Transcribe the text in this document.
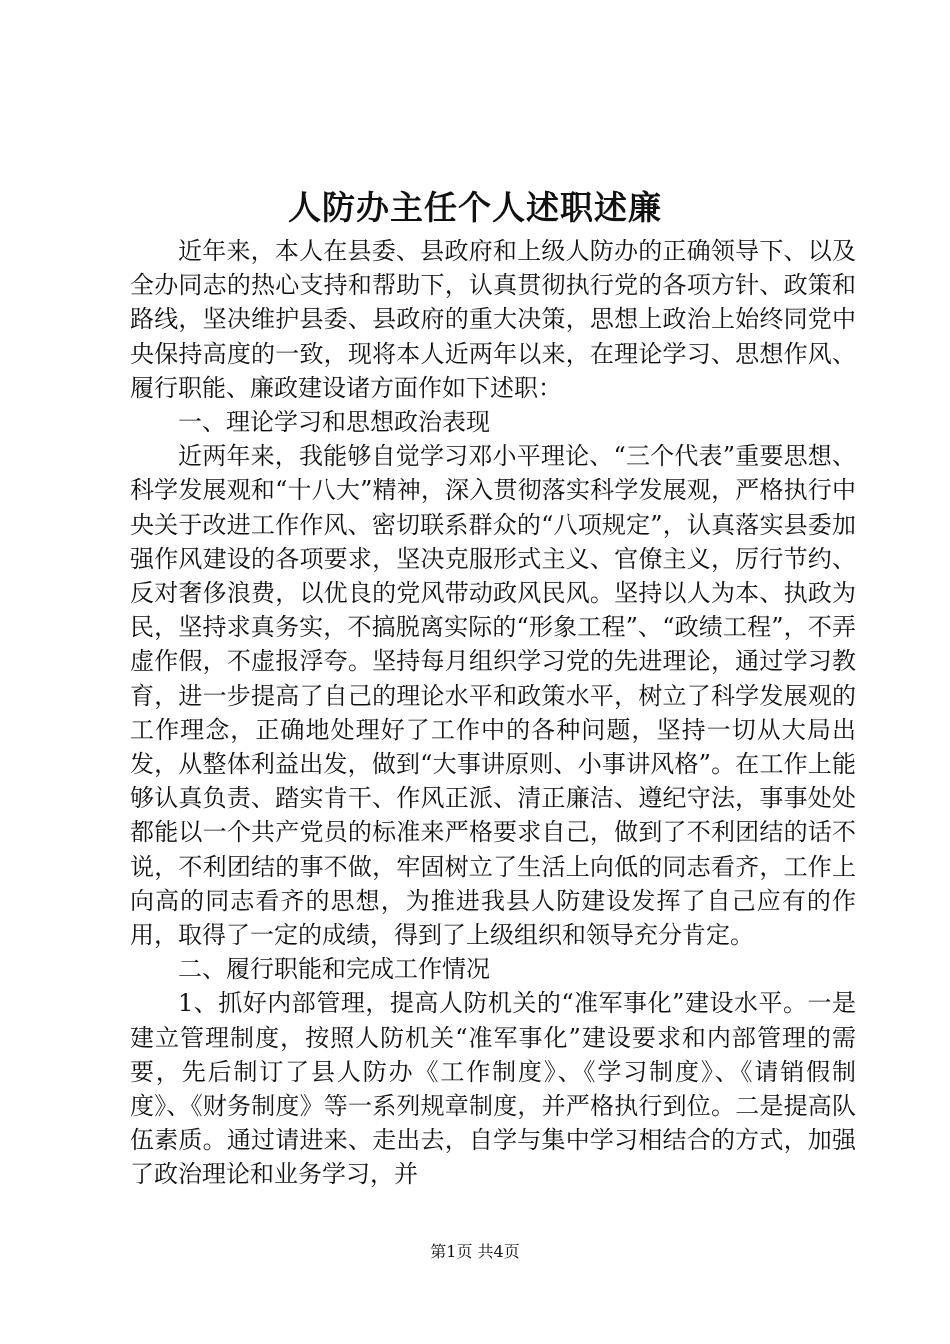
人防办主任个人述职述廉

近年来，本人在县委、县政府和上级人防办的正确领导下、以及全办同志的热心支持和帮助下，认真贯彻执行党的各项方针、政策和路线，坚决维护县委、县政府的重大决策，思想上政治上始终同党中央保持高度的一致，现将本人近两年以来，在理论学习、思想作风、履行职能、廉政建设诸方面作如下述职：

一、理论学习和思想政治表现

近两年来，我能够自觉学习邓小平理论、“三个代表”重要思想、科学发展观和“十八大”精神，深入贯彻落实科学发展观，严格执行中央关于改进工作作风、密切联系群众的“八项规定”，认真落实县委加强作风建设的各项要求，坚决克服形式主义、官僚主义，厉行节约、反对奢侈浪费，以优良的党风带动政风民风。坚持以人为本、执政为民，坚持求真务实，不搞脱离实际的“形象工程”、“政绩工程”，不弄虚作假，不虚报浮夸。坚持每月组织学习党的先进理论，通过学习教育，进一步提高了自己的理论水平和政策水平，树立了科学发展观的工作理念，正确地处理好了工作中的各种问题，坚持一切从大局出发，从整体利益出发，做到“大事讲原则、小事讲风格”。在工作上能够认真负责、踏实肯干、作风正派、清正廉洁、遵纪守法，事事处处都能以一个共产党员的标准来严格要求自己，做到了不利团结的话不说，不利团结的事不做，牢固树立了生活上向低的同志看齐，工作上向高的同志看齐的思想，为推进我县人防建设发挥了自己应有的作用，取得了一定的成绩，得到了上级组织和领导充分肯定。

二、履行职能和完成工作情况

1、抓好内部管理，提高人防机关的“准军事化”建设水平。一是建立管理制度，按照人防机关“准军事化”建设要求和内部管理的需要，先后制订了县人防办《工作制度》、《学习制度》、《请销假制度》、《财务制度》等一系列规章制度，并严格执行到位。二是提高队伍素质。通过请进来、走出去，自学与集中学习相结合的方式，加强了政治理论和业务学习，并

第1页 共4页
